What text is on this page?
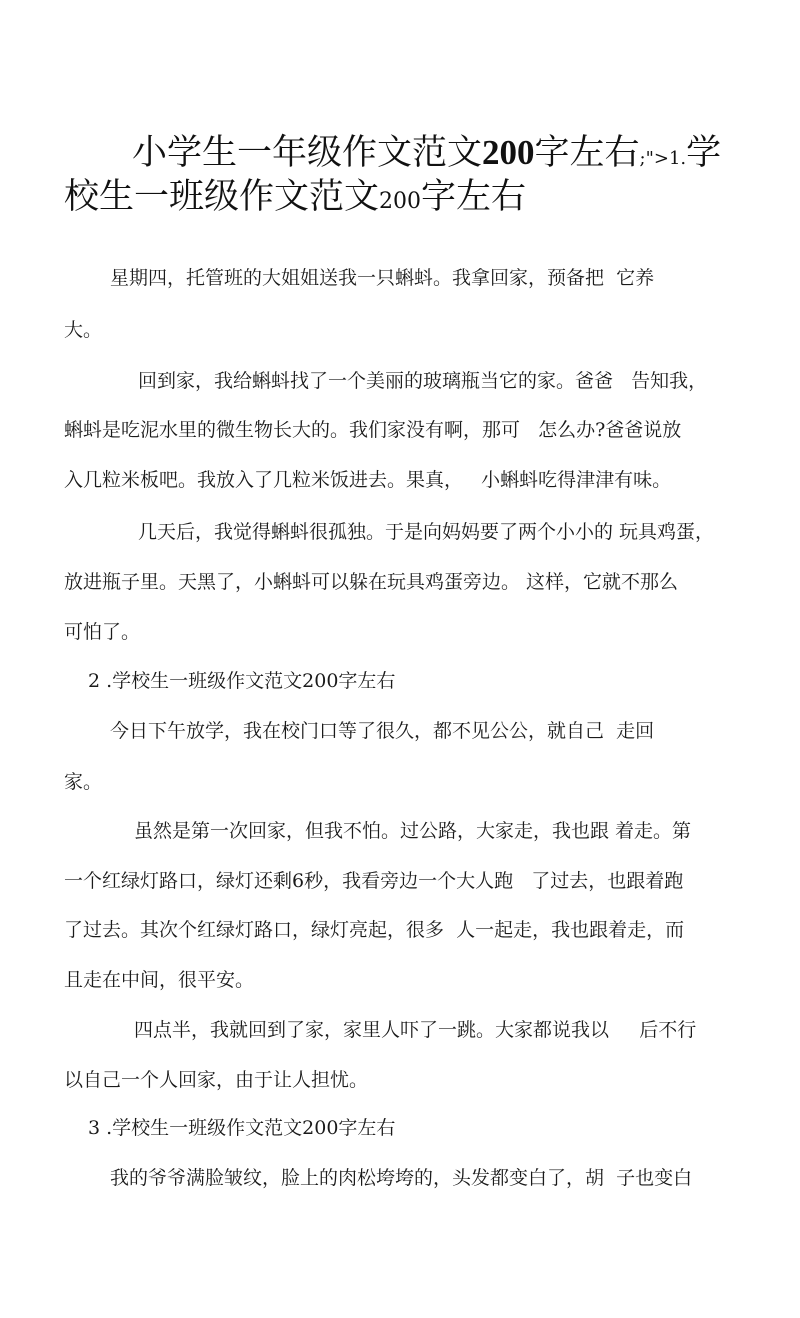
小学生一年级作文范文200字左右;">1.学
校生一班级作文范文200字左右
星期四，托管班的大姐姐送我一只蝌蚪。我拿回家，预备把  它养
大。
回到家，我给蝌蚪找了一个美丽的玻璃瓶当它的家。爸爸   告知我，
蝌蚪是吃泥水里的微生物长大的。我们家没有啊，那可   怎么办?爸爸说放
入几粒米板吧。我放入了几粒米饭进去。果真，   小蝌蚪吃得津津有味。
几天后，我觉得蝌蚪很孤独。于是向妈妈要了两个小小的 玩具鸡蛋，
放进瓶子里。天黑了，小蝌蚪可以躲在玩具鸡蛋旁边。 这样，它就不那么
可怕了。
2 .学校生一班级作文范文200字左右
今日下午放学，我在校门口等了很久，都不见公公，就自己  走回
家。
虽然是第一次回家，但我不怕。过公路，大家走，我也跟 着走。第
一个红绿灯路口，绿灯还剩6秒，我看旁边一个大人跑   了过去，也跟着跑
了过去。其次个红绿灯路口，绿灯亮起，很多  人一起走，我也跟着走，而
且走在中间，很平安。
四点半，我就回到了家，家里人吓了一跳。大家都说我以     后不行
以自己一个人回家，由于让人担忧。
3 .学校生一班级作文范文200字左右
我的爷爷满脸皱纹，脸上的肉松垮垮的，头发都变白了，胡  子也变白
